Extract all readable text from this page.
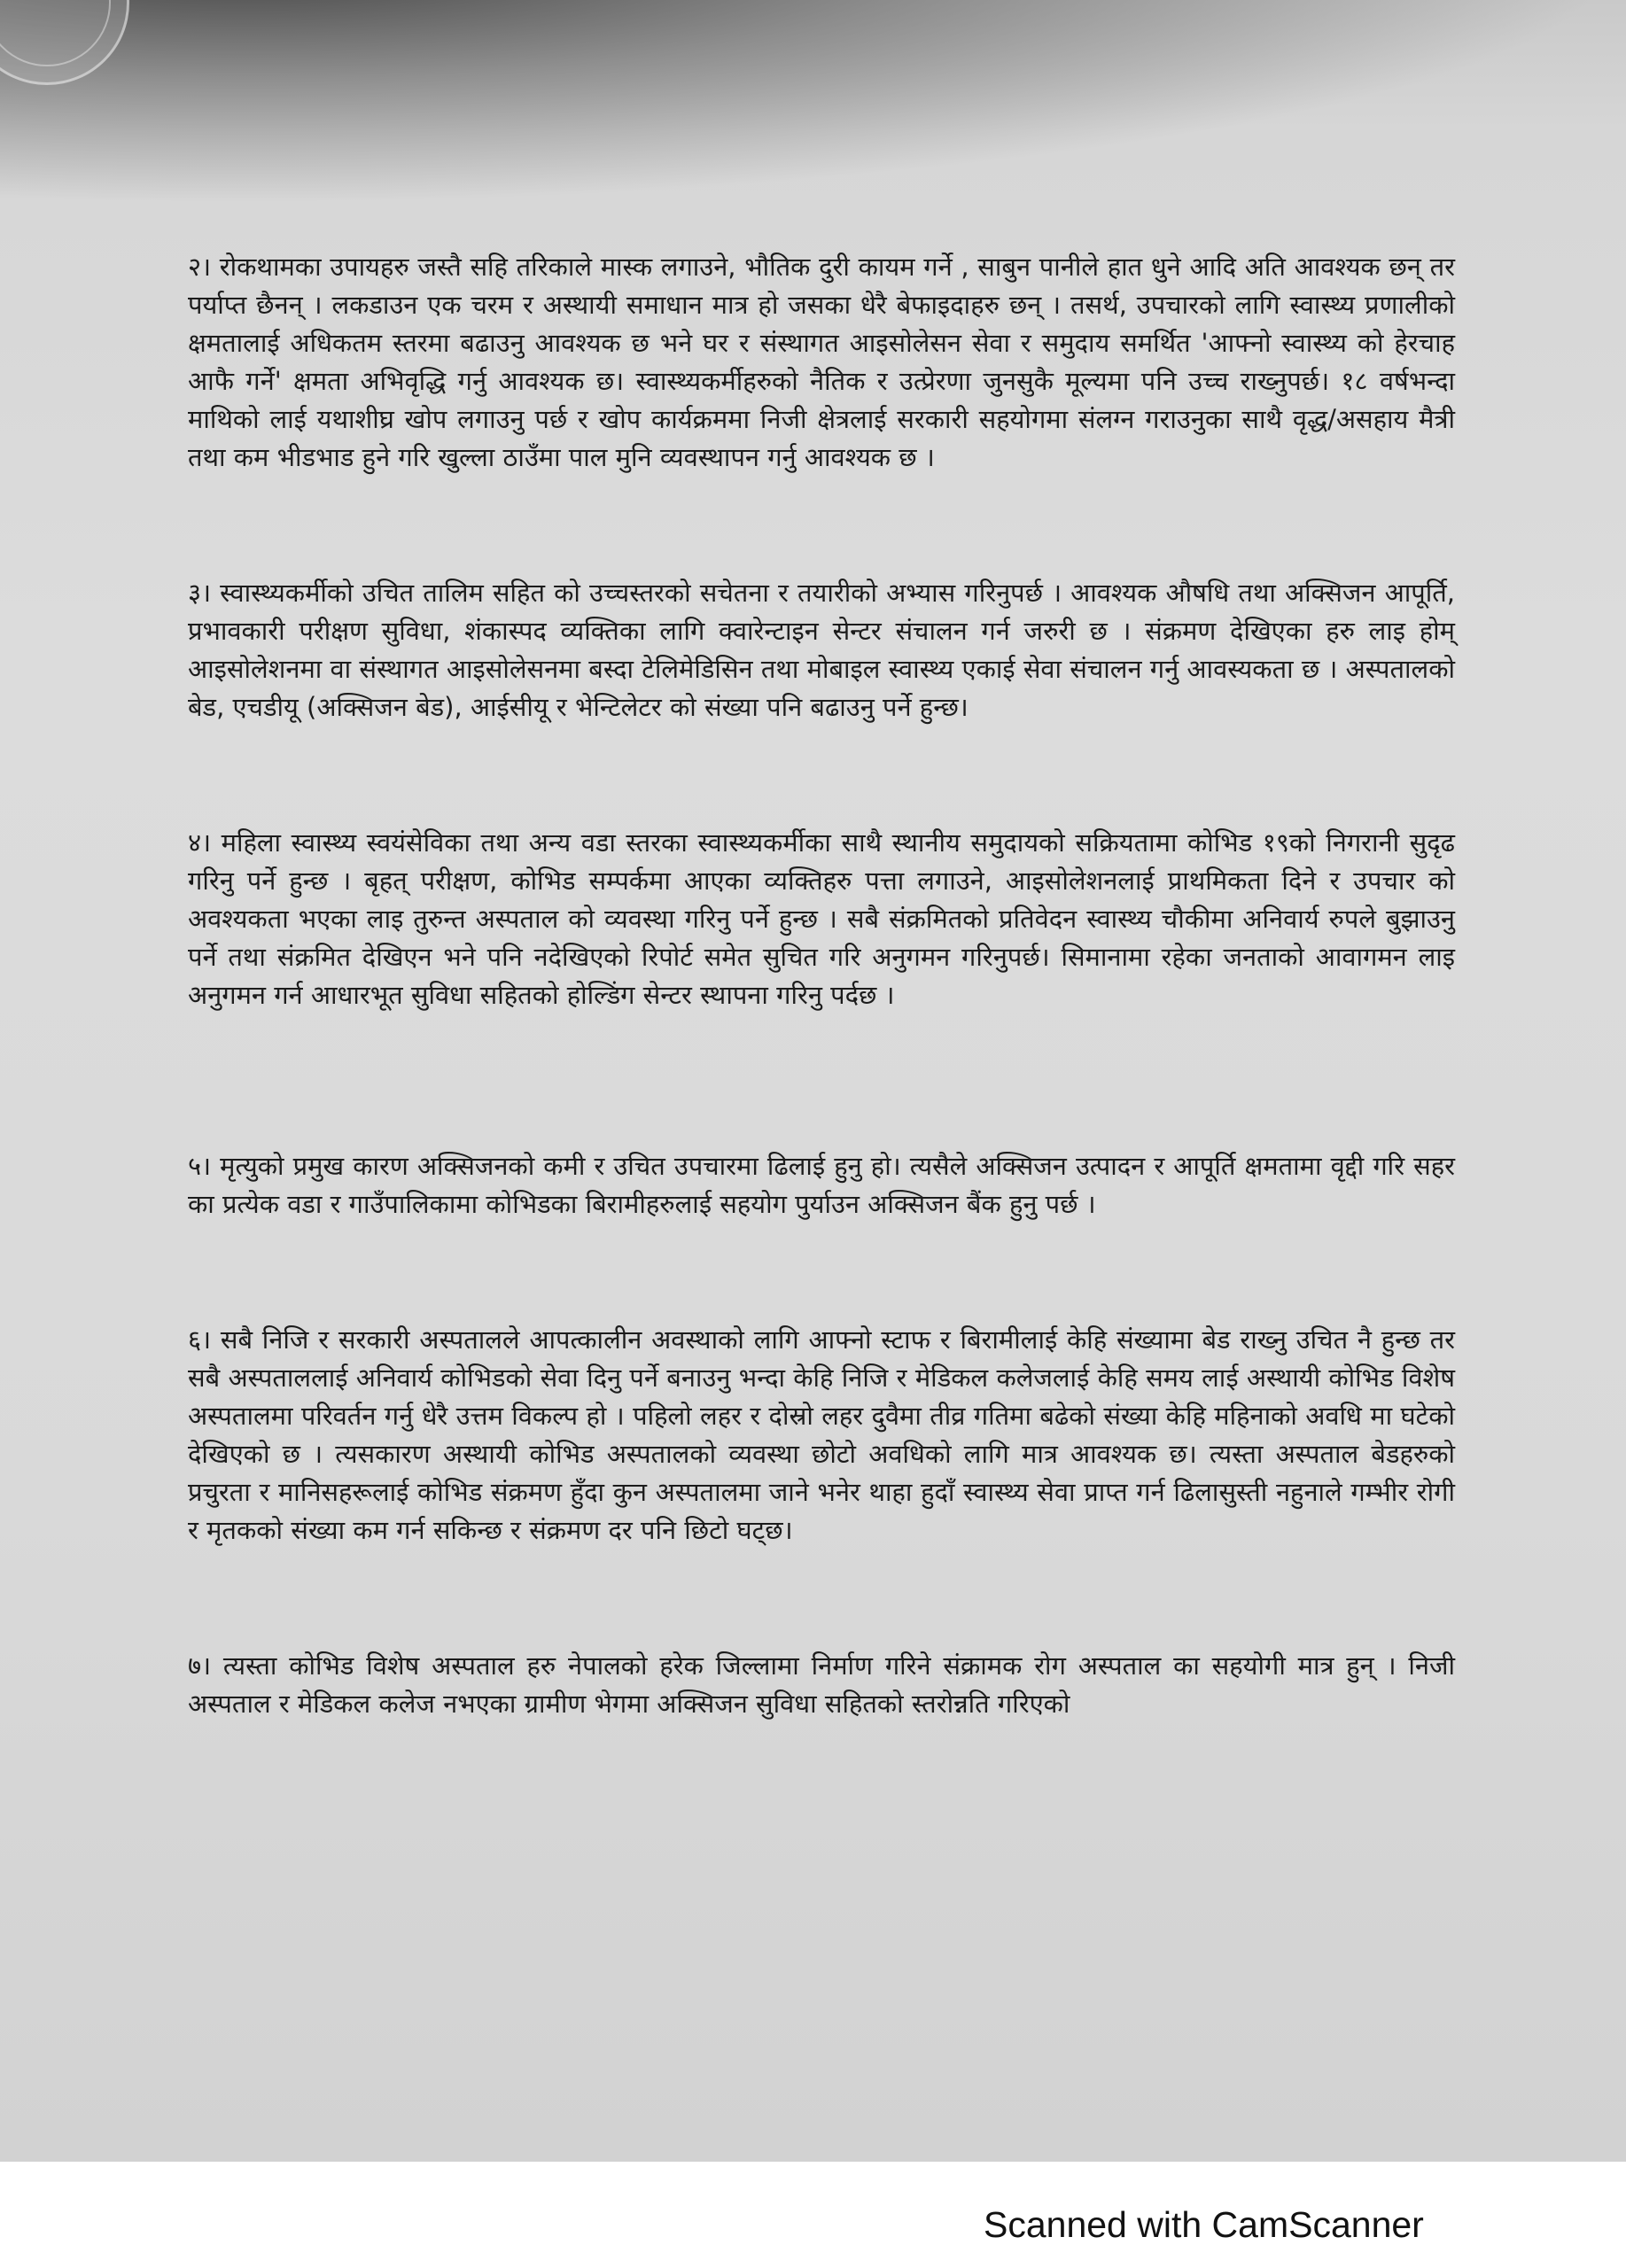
२। रोकथामका उपायहरु जस्तै सहि तरिकाले मास्क लगाउने, भौतिक दुरी कायम गर्ने , साबुन पानीले हात धुने आदि अति आवश्यक छन् तर पर्याप्त छैनन् । लकडाउन एक चरम र अस्थायी समाधान मात्र हो जसका धेरै बेफाइदाहरु छन् । तसर्थ, उपचारको लागि स्वास्थ्य प्रणालीको क्षमतालाई अधिकतम स्तरमा बढाउनु आवश्यक छ भने घर र संस्थागत आइसोलेसन सेवा र समुदाय समर्थित 'आफ्नो स्वास्थ्य को हेरचाह आफै गर्ने' क्षमता अभिवृद्धि गर्नु आवश्यक छ। स्वास्थ्यकर्मीहरुको नैतिक र उत्प्रेरणा जुनसुकै मूल्यमा पनि उच्च राख्नुपर्छ। १८ वर्षभन्दा माथिको लाई यथाशीघ्र खोप लगाउनु पर्छ र खोप कार्यक्रममा निजी क्षेत्रलाई सरकारी सहयोगमा संलग्न गराउनुका साथै वृद्ध/असहाय मैत्री तथा कम भीडभाड हुने गरि खुल्ला ठाउँमा पाल मुनि व्यवस्थापन गर्नु आवश्यक छ ।

३। स्वास्थ्यकर्मीको उचित तालिम सहित को उच्चस्तरको सचेतना र तयारीको अभ्यास गरिनुपर्छ । आवश्यक औषधि तथा अक्सिजन आपूर्ति, प्रभावकारी परीक्षण सुविधा, शंकास्पद व्यक्तिका लागि क्वारेन्टाइन सेन्टर संचालन गर्न जरुरी छ । संक्रमण देखिएका हरु लाइ होम् आइसोलेशनमा वा संस्थागत आइसोलेसनमा बस्दा टेलिमेडिसिन तथा मोबाइल स्वास्थ्य एकाई सेवा संचालन गर्नु आवस्यकता छ । अस्पतालको बेड, एचडीयू (अक्सिजन बेड), आईसीयू र भेन्टिलेटर को संख्या पनि बढाउनु पर्ने हुन्छ।

४। महिला स्वास्थ्य स्वयंसेविका तथा अन्य वडा स्तरका स्वास्थ्यकर्मीका साथै स्थानीय समुदायको सक्रियतामा कोभिड १९को निगरानी सुदृढ गरिनु पर्ने हुन्छ । बृहत् परीक्षण, कोभिड सम्पर्कमा आएका व्यक्तिहरु पत्ता लगाउने, आइसोलेशनलाई प्राथमिकता दिने र उपचार को अवश्यकता भएका लाइ तुरुन्त अस्पताल को व्यवस्था गरिनु पर्ने हुन्छ । सबै संक्रमितको प्रतिवेदन स्वास्थ्य चौकीमा अनिवार्य रुपले बुझाउनु पर्ने तथा संक्रमित देखिएन भने पनि नदेखिएको रिपोर्ट समेत सुचित गरि अनुगमन गरिनुपर्छ। सिमानामा रहेका जनताको आवागमन लाइ अनुगमन गर्न आधारभूत सुविधा सहितको होल्डिंग सेन्टर स्थापना गरिनु पर्दछ ।

५। मृत्युको प्रमुख कारण अक्सिजनको कमी र उचित उपचारमा ढिलाई हुनु हो। त्यसैले अक्सिजन उत्पादन र आपूर्ति क्षमतामा वृद्दी गरि सहर का प्रत्येक वडा र गाउँपालिकामा कोभिडका बिरामीहरुलाई सहयोग पुर्याउन अक्सिजन बैंक हुनु पर्छ ।

६। सबै निजि र सरकारी अस्पतालले आपत्कालीन अवस्थाको लागि आफ्नो स्टाफ र बिरामीलाई केहि संख्यामा बेड राख्नु उचित नै हुन्छ तर सबै अस्पताललाई अनिवार्य कोभिडको सेवा दिनु पर्ने बनाउनु भन्दा केहि निजि र मेडिकल कलेजलाई केहि समय लाई अस्थायी कोभिड विशेष अस्पतालमा परिवर्तन गर्नु धेरै उत्तम विकल्प हो । पहिलो लहर र दोस्रो लहर दुवैमा तीव्र गतिमा बढेको संख्या केहि महिनाको अवधि मा घटेको देखिएको छ । त्यसकारण अस्थायी कोभिड अस्पतालको व्यवस्था छोटो अवधिको लागि मात्र आवश्यक छ। त्यस्ता अस्पताल बेडहरुको प्रचुरता र मानिसहरूलाई कोभिड संक्रमण हुँदा कुन अस्पतालमा जाने भनेर थाहा हुदाँ स्वास्थ्य सेवा प्राप्त गर्न ढिलासुस्ती नहुनाले गम्भीर रोगी र मृतकको संख्या कम गर्न सकिन्छ र संक्रमण दर पनि छिटो घट्छ।

७। त्यस्ता कोभिड विशेष अस्पताल हरु नेपालको हरेक जिल्लामा निर्माण गरिने संक्रामक रोग अस्पताल का सहयोगी मात्र हुन् । निजी अस्पताल र मेडिकल कलेज नभएका ग्रामीण भेगमा अक्सिजन सुविधा सहितको स्तरोन्नति गरिएको

Scanned with CamScanner
